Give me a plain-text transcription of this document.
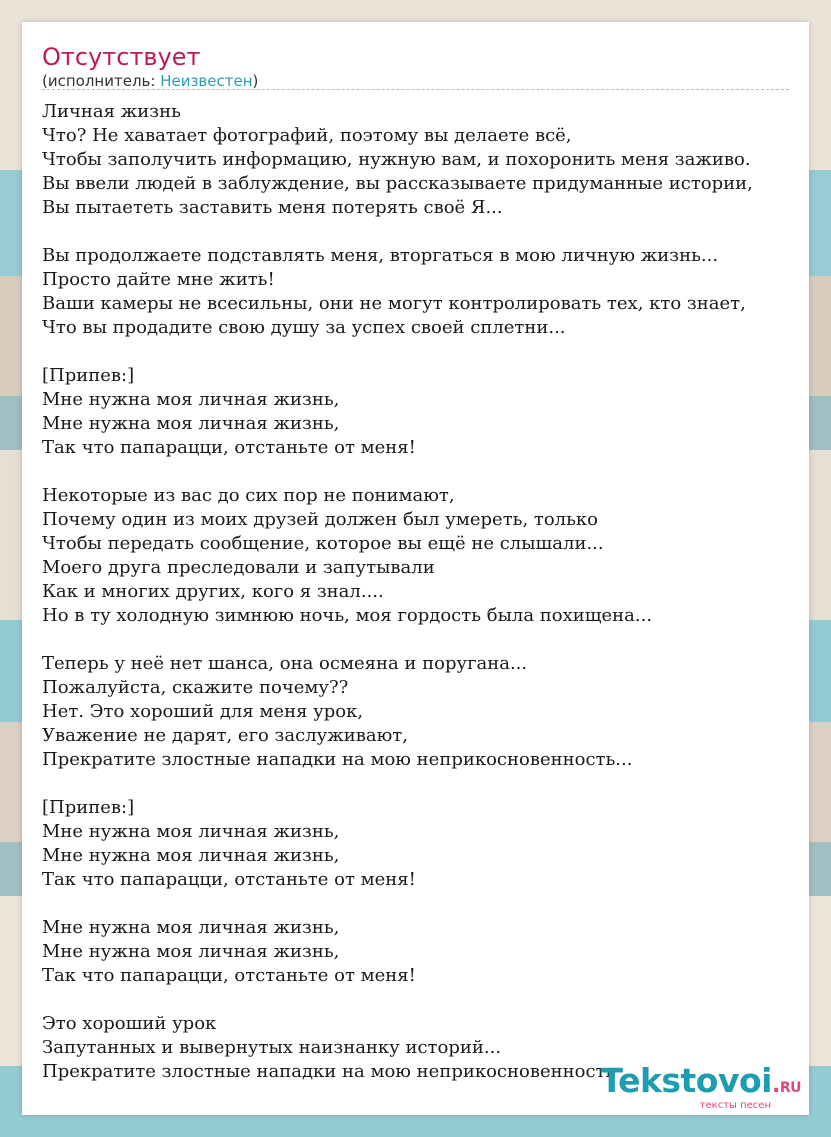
Отсутствует
(исполнитель: Неизвестен)
Личная жизнь
Что? Не хаватает фотографий, поэтому вы делаете всё,
Чтобы заполучить информацию, нужную вам, и похоронить меня заживо.
Вы ввели людей в заблуждение, вы рассказываете придуманные истории,
Вы пытаететь заставить меня потерять своё Я...
Вы продолжаете подставлять меня, вторгаться в мою личную жизнь...
Просто дайте мне жить!
Ваши камеры не всесильны, они не могут контролировать тех, кто знает,
Что вы продадите свою душу за успех своей сплетни...
[Припев:]
Мне нужна моя личная жизнь,
Мне нужна моя личная жизнь,
Так что папарацци, отстаньте от меня!
Некоторые из вас до сих пор не понимают,
Почему один из моих друзей должен был умереть, только
Чтобы передать сообщение, которое вы ещё не слышали...
Моего друга преследовали и запутывали
Как и многих других, кого я знал....
Но в ту холодную зимнюю ночь, моя гордость была похищена...
Теперь у неё нет шанса, она осмеяна и поругана...
Пожалуйста, скажите почему??
Нет. Это хороший для меня урок,
Уважение не дарят, его заслуживают,
Прекратите злостные нападки на мою неприкосновенность...
[Припев:]
Мне нужна моя личная жизнь,
Мне нужна моя личная жизнь,
Так что папарацци, отстаньте от меня!
Мне нужна моя личная жизнь,
Мне нужна моя личная жизнь,
Так что папарацци, отстаньте от меня!
Это хороший урок
Запутанных и вывернутых наизнанку историй...
Прекратите злостные нападки на мою неприкосновенность
Tekstovoi.RU
тексты песен
